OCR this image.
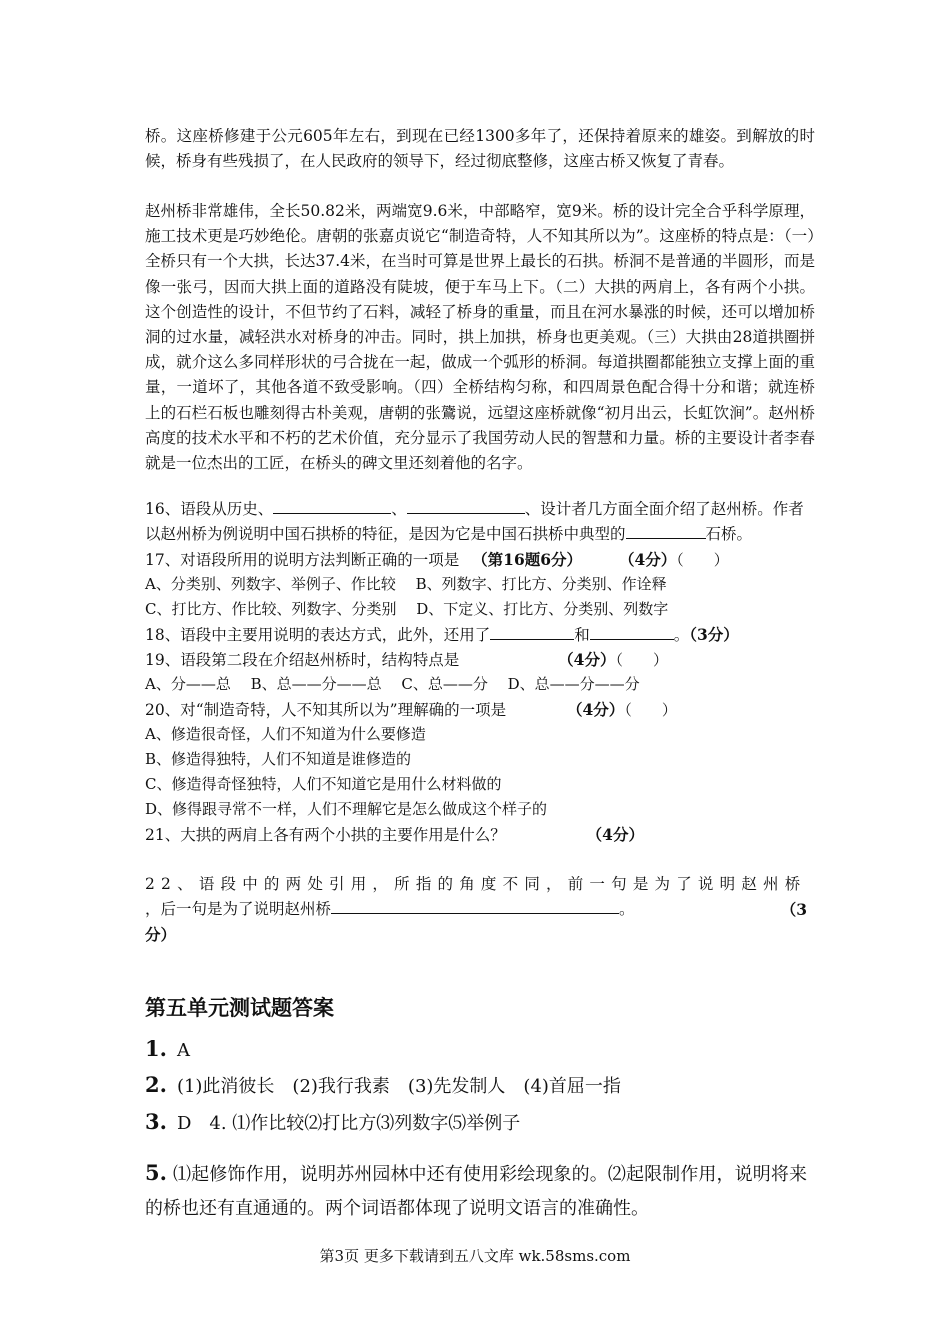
桥。这座桥修建于公元605年左右，到现在已经1300多年了，还保持着原来的雄姿。到解放的时候，桥身有些残损了，在人民政府的领导下，经过彻底整修，这座古桥又恢复了青春。
赵州桥非常雄伟，全长50.82米，两端宽9.6米，中部略窄，宽9米。桥的设计完全合乎科学原理，施工技术更是巧妙绝伦。唐朝的张嘉贞说它“制造奇特，人不知其所以为”。这座桥的特点是：（一）全桥只有一个大拱，长达37.4米，在当时可算是世界上最长的石拱。桥洞不是普通的半圆形，而是像一张弓，因而大拱上面的道路没有陡坡，便于车马上下。（二）大拱的两肩上，各有两个小拱。这个创造性的设计，不但节约了石料，减轻了桥身的重量，而且在河水暴涨的时候，还可以增加桥洞的过水量，减轻洪水对桥身的冲击。同时，拱上加拱，桥身也更美观。（三）大拱由28道拱圈拼成，就介这么多同样形状的弓合拢在一起，做成一个弧形的桥洞。每道拱圈都能独立支撑上面的重量，一道坏了，其他各道不致受影响。（四）全桥结构匀称，和四周景色配合得十分和谐；就连桥上的石栏石板也雕刻得古朴美观，唐朝的张鷟说，远望这座桥就像“初月出云，长虹饮涧”。赵州桥高度的技术水平和不朽的艺术价值，充分显示了我国劳动人民的智慧和力量。桥的主要设计者李春就是一位杰出的工匠，在桥头的碑文里还刻着他的名字。
16、语段从历史、	、	、设计者几方面全面介绍了赵州桥。作者
以赵州桥为例说明中国石拱桥的特征，是因为它是中国石拱桥中典型的	石桥。
17、对语段所用的说明方法判断正确的一项是 （第16题6分） （4分）（　　）
A、分类别、列数字、举例子、作比较　 B、列数字、打比方、分类别、作诠释
C、打比方、作比较、列数字、分类别　 D、下定义、打比方、分类别、列数字
18、语段中主要用说明的表达方式，此外，还用了	和	。（3分）
19、语段第二段在介绍赵州桥时，结构特点是	（4分）（　　）
A、分——总　 B、总——分——总　 C、总——分　 D、总——分——分
20、对“制造奇特，人不知其所以为”理解确的一项是	（4分）（　　）
A、修造很奇怪，人们不知道为什么要修造
B、修造得独特，人们不知道是谁修造的
C、修造得奇怪独特，人们不知道它是用什么材料做的
D、修得跟寻常不一样，人们不理解它是怎么做成这个样子的
21、大拱的两肩上各有两个小拱的主要作用是什么？	（4分）
22、语段中的两处引用，所指的角度不同，前一句是为了说明赵州桥
，后一句是为了说明赵州桥	。	（3
分）
第五单元测试题答案
1. A
2. (1)此消彼长　(2)我行我素　(3)先发制人　(4)首屈一指
3. D　4. ⑴作比较⑵打比方⑶列数字⑸举例子
5. ⑴起修饰作用，说明苏州园林中还有使用彩绘现象的。⑵起限制作用，说明将来的桥也还有直通通的。两个词语都体现了说明文语言的准确性。
第3页 更多下载请到五八文库 wk.58sms.com
